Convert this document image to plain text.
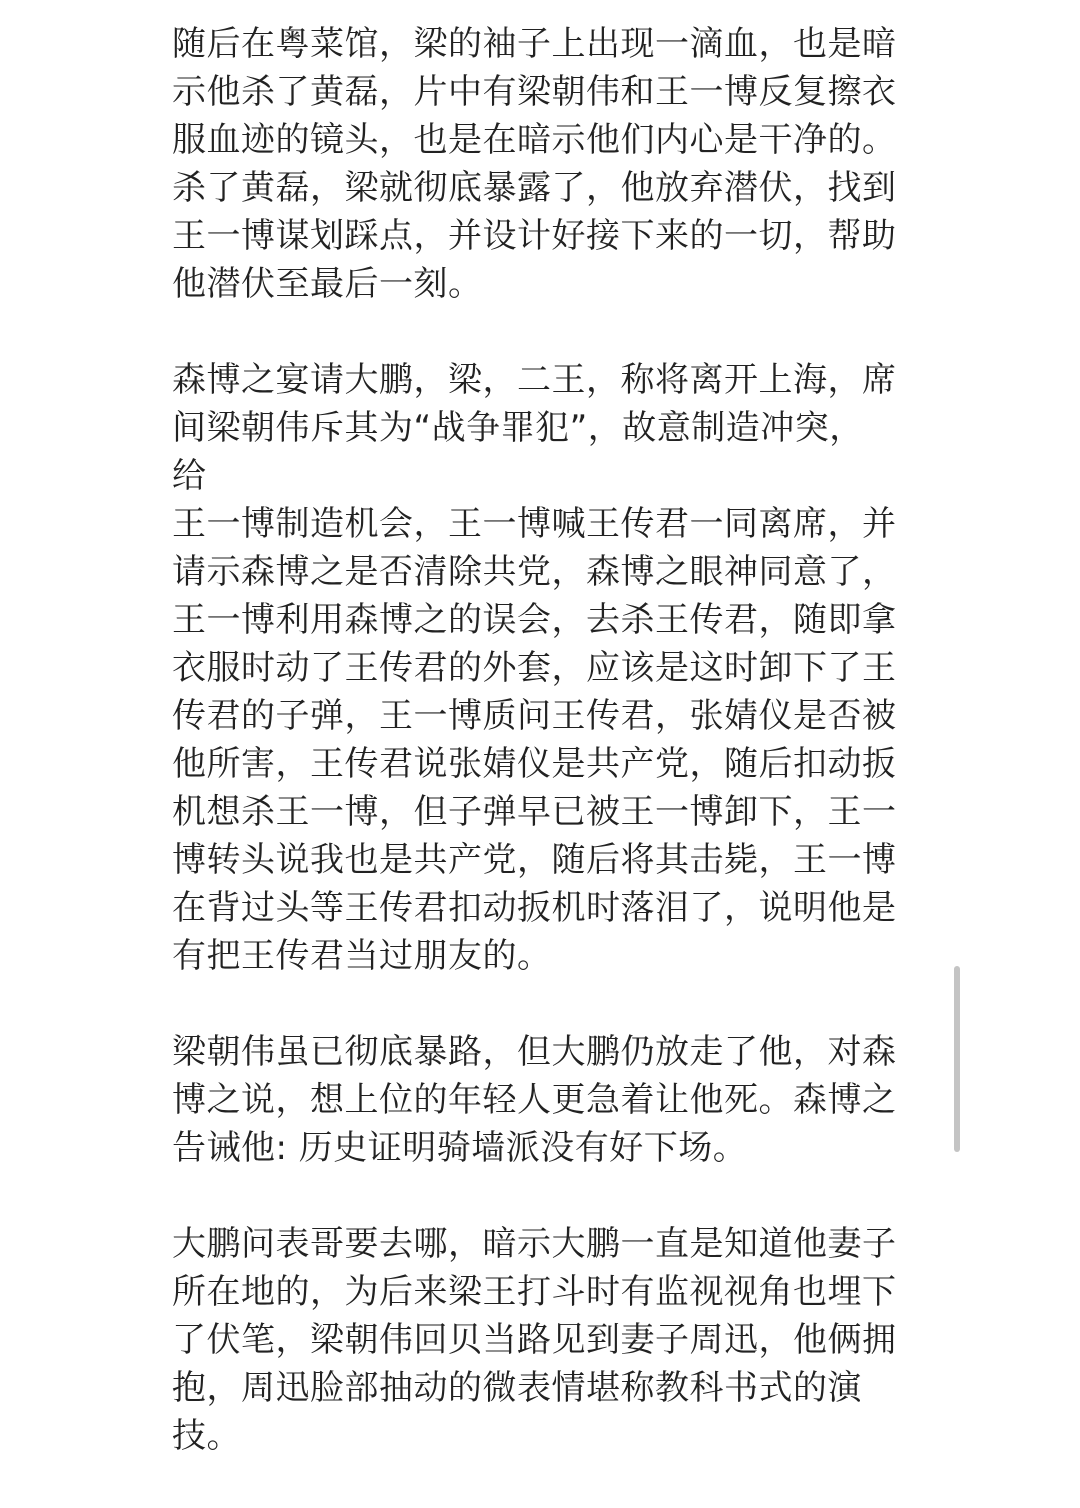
随后在粤菜馆，梁的袖子上出现一滴血，也是暗
示他杀了黄磊，片中有梁朝伟和王一博反复擦衣
服血迹的镜头，也是在暗示他们内心是干净的。
杀了黄磊，梁就彻底暴露了，他放弃潜伏，找到
王一博谋划踩点，并设计好接下来的一切，帮助
他潜伏至最后一刻。

森博之宴请大鹏，梁，二王，称将离开上海，席
间梁朝伟斥其为“战争罪犯”，故意制造冲突，给
王一博制造机会，王一博喊王传君一同离席，并
请示森博之是否清除共党，森博之眼神同意了，
王一博利用森博之的误会，去杀王传君，随即拿
衣服时动了王传君的外套，应该是这时卸下了王
传君的子弹，王一博质问王传君，张婧仪是否被
他所害，王传君说张婧仪是共产党，随后扣动扳
机想杀王一博，但子弹早已被王一博卸下，王一
博转头说我也是共产党，随后将其击毙，王一博
在背过头等王传君扣动扳机时落泪了，说明他是
有把王传君当过朋友的。

梁朝伟虽已彻底暴路，但大鹏仍放走了他，对森
博之说，想上位的年轻人更急着让他死。森博之
告诫他: 历史证明骑墙派没有好下场。

大鹏问表哥要去哪，暗示大鹏一直是知道他妻子
所在地的，为后来梁王打斗时有监视视角也埋下
了伏笔，梁朝伟回贝当路见到妻子周迅，他俩拥
抱，周迅脸部抽动的微表情堪称教科书式的演
技。
